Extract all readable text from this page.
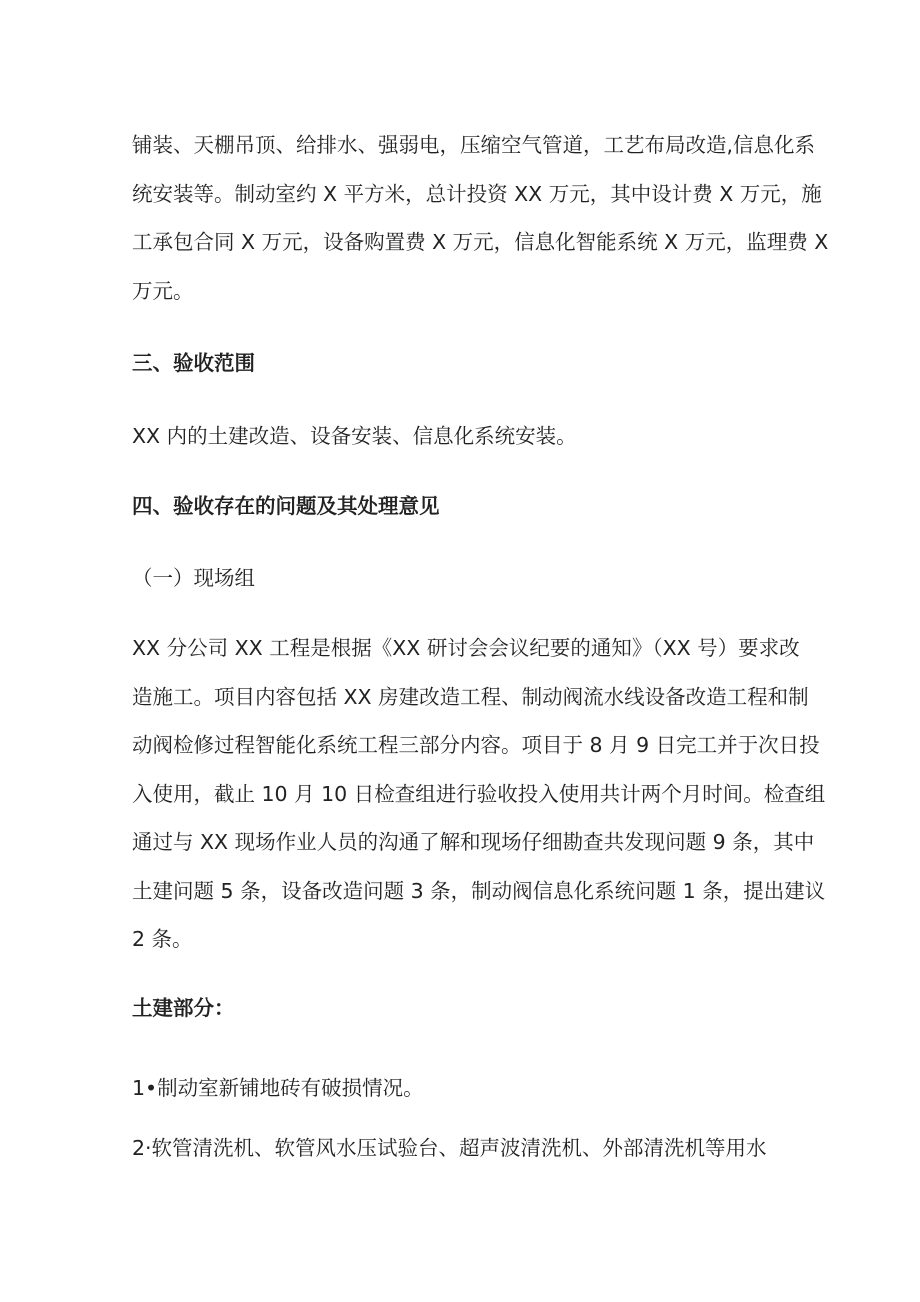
铺装、天棚吊顶、给排水、强弱电，压缩空气管道，工艺布局改造,信息化系
统安装等。制动室约 X 平方米，总计投资 XX 万元，其中设计费 X 万元，施
工承包合同 X 万元，设备购置费 X 万元，信息化智能系统 X 万元，监理费 X
万元。
三、验收范围

XX 内的土建改造、设备安装、信息化系统安装。

四、验收存在的问题及其处理意见

（一）现场组

XX 分公司 XX 工程是根据《XX 研讨会会议纪要的通知》（XX 号）要求改
造施工。项目内容包括 XX 房建改造工程、制动阀流水线设备改造工程和制
动阀检修过程智能化系统工程三部分内容。项目于 8 月 9 日完工并于次日投
入使用，截止 10 月 10 日检查组进行验收投入使用共计两个月时间。检查组
通过与 XX 现场作业人员的沟通了解和现场仔细勘查共发现问题 9 条，其中
土建问题 5 条，设备改造问题 3 条，制动阀信息化系统问题 1 条，提出建议
2 条。
土建部分：

1•制动室新铺地砖有破损情况。

2·软管清洗机、软管风水压试验台、超声波清洗机、外部清洗机等用水
